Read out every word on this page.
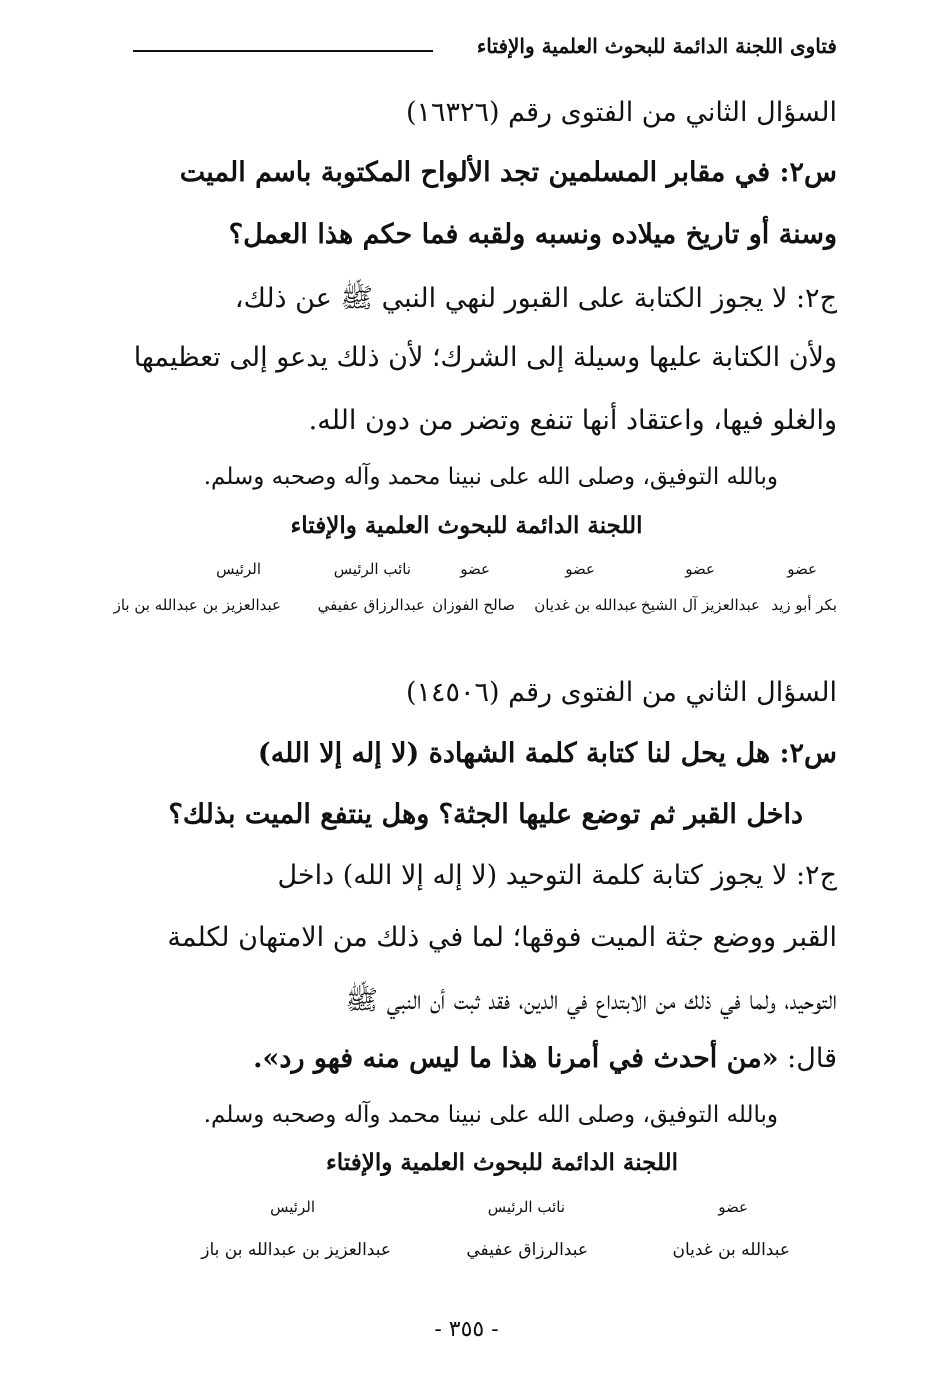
فتاوى اللجنة الدائمة للبحوث العلمية والإفتاء
السؤال الثاني من الفتوى رقم (١٦٣٢٦)
س٢: في مقابر المسلمين تجد الألواح المكتوبة باسم الميت
وسنة أو تاريخ ميلاده ونسبه ولقبه فما حكم هذا العمل؟
ج٢: لا يجوز الكتابة على القبور لنهي النبي ﷺ عن ذلك،
ولأن الكتابة عليها وسيلة إلى الشرك؛ لأن ذلك يدعو إلى تعظيمها
والغلو فيها، واعتقاد أنها تنفع وتضر من دون الله.
وبالله التوفيق، وصلى الله على نبينا محمد وآله وصحبه وسلم.
اللجنة الدائمة للبحوث العلمية والإفتاء
عضو
عضو
عضو
عضو
نائب الرئيس
الرئيس
بكر أبو زيد
عبدالعزيز آل الشيخ
عبدالله بن غديان
صالح الفوزان
عبدالرزاق عفيفي
عبدالعزيز بن عبدالله بن باز
السؤال الثاني من الفتوى رقم (١٤٥٠٦)
س٢: هل يحل لنا كتابة كلمة الشهادة (لا إله إلا الله)
داخل القبر ثم توضع عليها الجثة؟ وهل ينتفع الميت بذلك؟
ج٢: لا يجوز كتابة كلمة التوحيد (لا إله إلا الله) داخل
القبر ووضع جثة الميت فوقها؛ لما في ذلك من الامتهان لكلمة
التوحيد، ولما في ذلك من الابتداع في الدين، فقد ثبت أن النبي ﷺ
قال: «من أحدث في أمرنا هذا ما ليس منه فهو رد».
وبالله التوفيق، وصلى الله على نبينا محمد وآله وصحبه وسلم.
اللجنة الدائمة للبحوث العلمية والإفتاء
عضو
نائب الرئيس
الرئيس
عبدالله بن غديان
عبدالرزاق عفيفي
عبدالعزيز بن عبدالله بن باز
- ٣٥٥ -
